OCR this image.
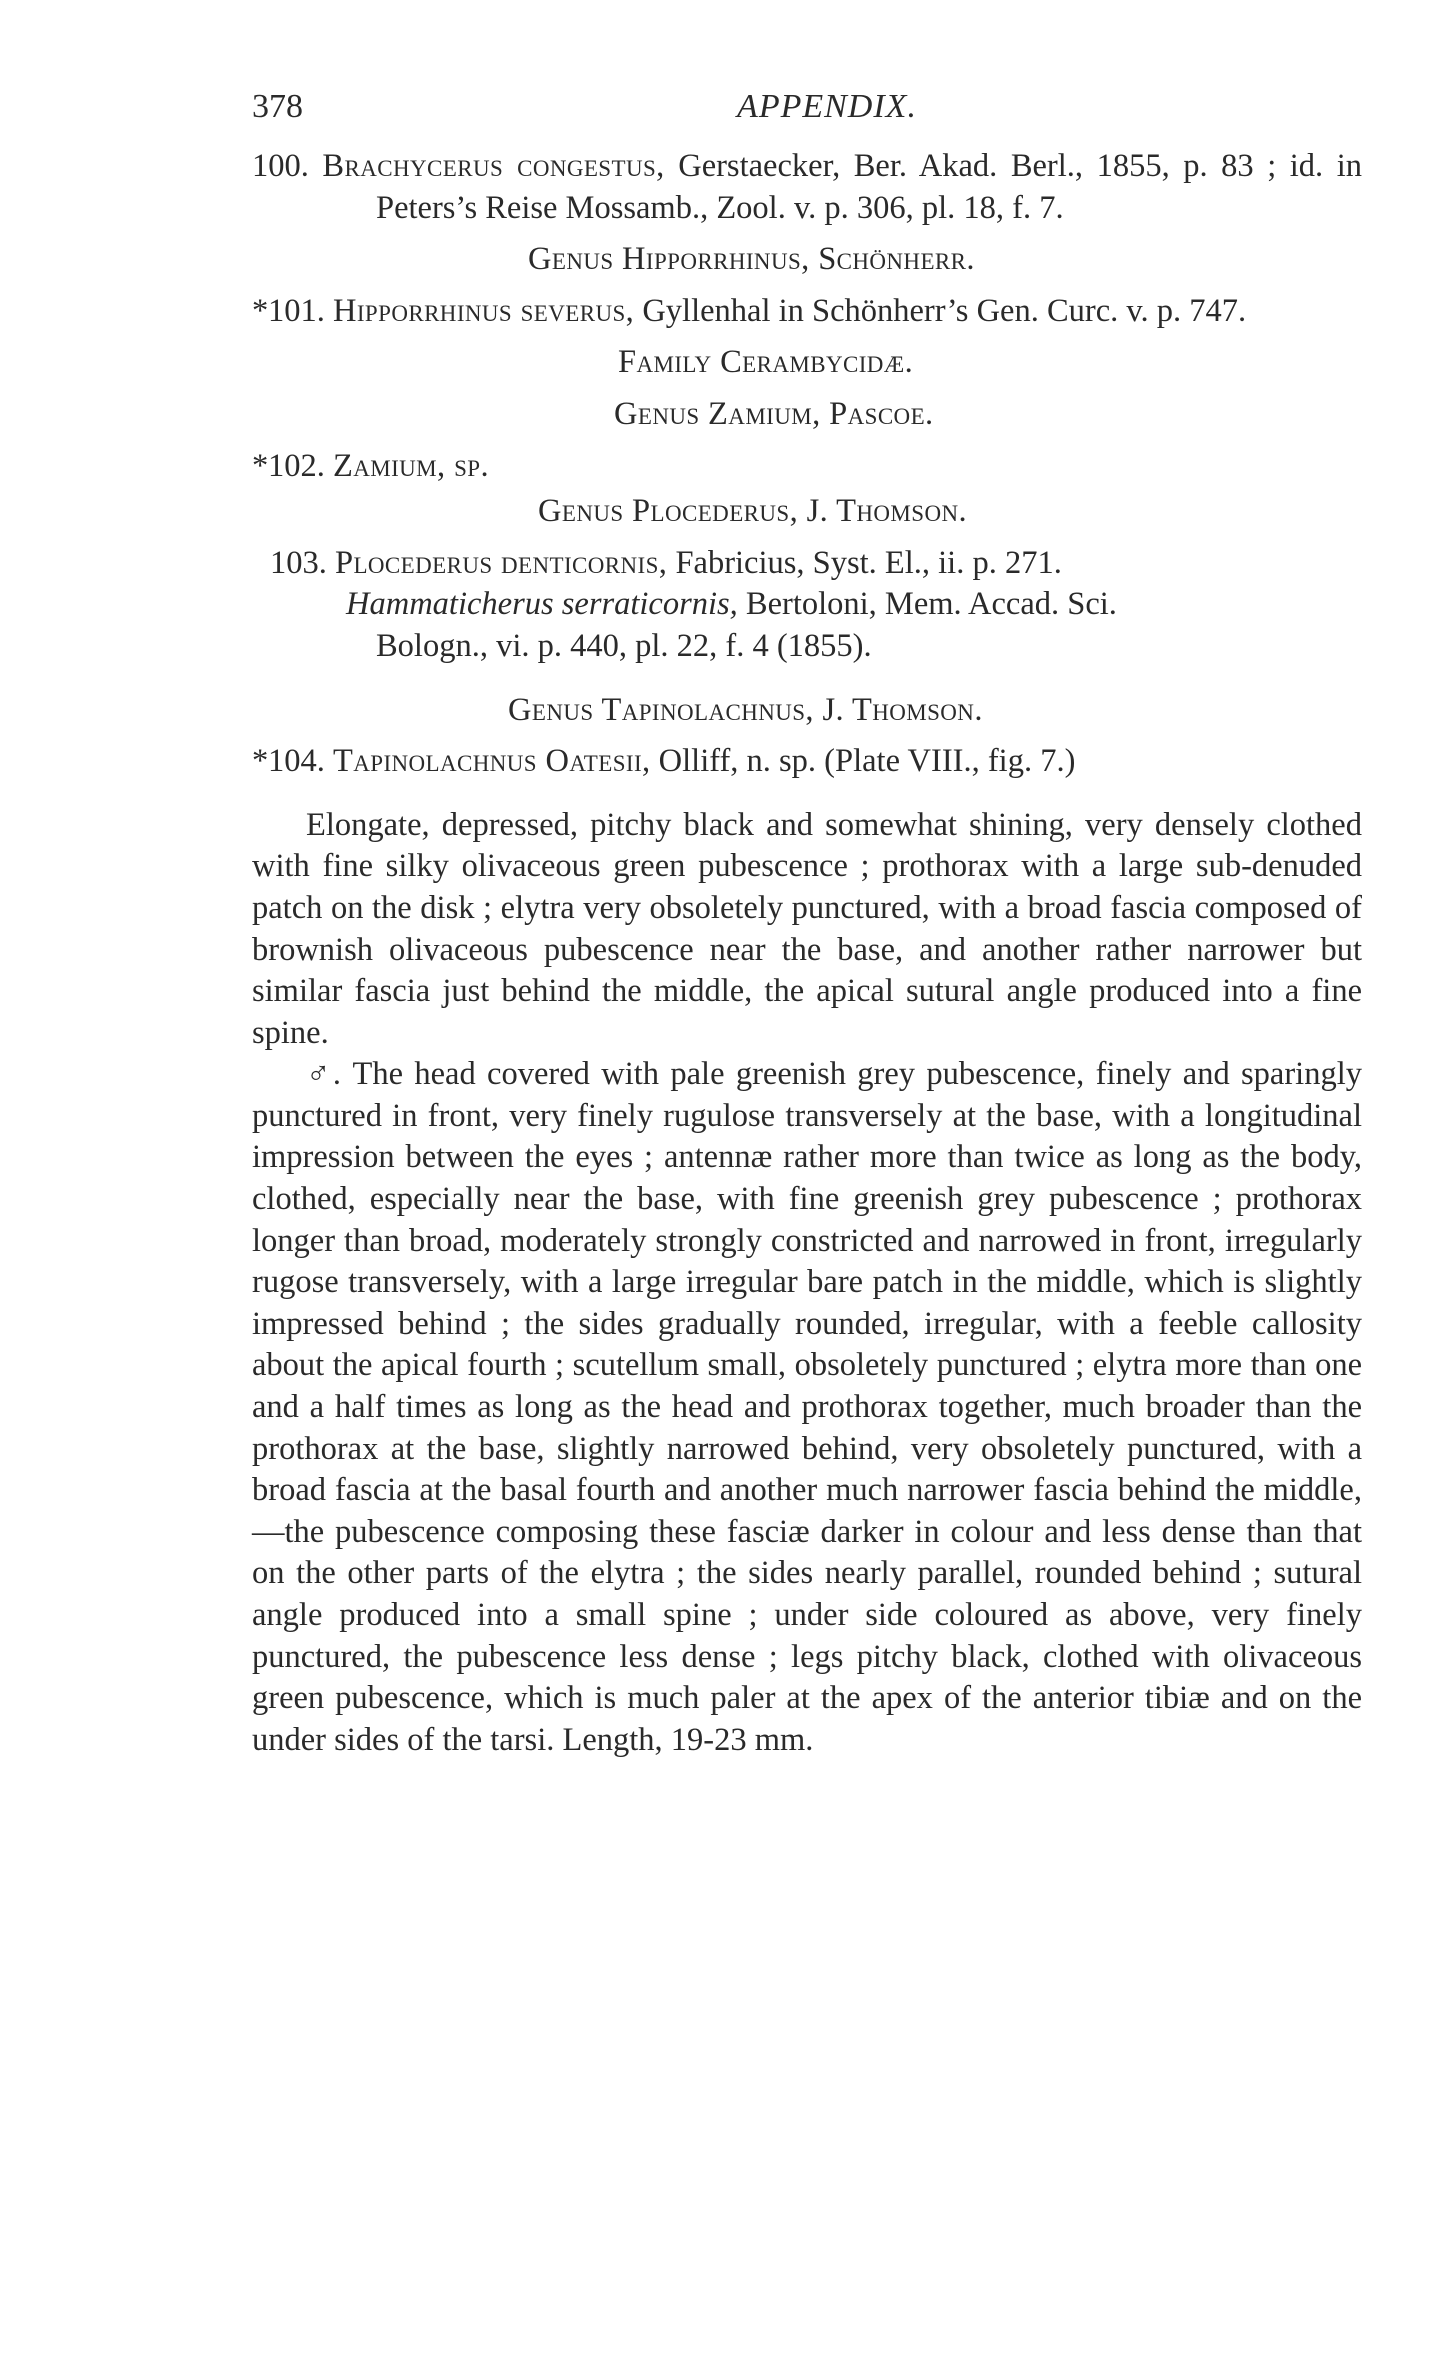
378	APPENDIX.

100. Brachycerus congestus, Gerstaecker, Ber. Akad. Berl., 1855, p. 83 ; id. in Peters’s Reise Mossamb., Zool. v. p. 306, pl. 18, f. 7.

Genus Hipporrhinus, Schönherr.

*101. Hipporrhinus severus, Gyllenhal in Schönherr’s Gen. Curc. v. p. 747.

Family Cerambycidæ.

Genus Zamium, Pascoe.

*102. Zamium, sp.

Genus Plocederus, J. Thomson.

103. Plocederus denticornis, Fabricius, Syst. El., ii. p. 271.
Hammaticherus serraticornis, Bertoloni, Mem. Accad. Sci.
Bologn., vi. p. 440, pl. 22, f. 4 (1855).

Genus Tapinolachnus, J. Thomson.

*104. Tapinolachnus Oatesii, Olliff, n. sp. (Plate VIII., fig. 7.)

Elongate, depressed, pitchy black and somewhat shining, very densely clothed with fine silky olivaceous green pubescence ; prothorax with a large sub-denuded patch on the disk ; elytra very obsoletely punctured, with a broad fascia composed of brownish olivaceous pubescence near the base, and another rather narrower but similar fascia just behind the middle, the apical sutural angle produced into a fine spine.

♂. The head covered with pale greenish grey pubescence, finely and sparingly punctured in front, very finely rugulose transversely at the base, with a longitudinal impression between the eyes ; antennæ rather more than twice as long as the body, clothed, especially near the base, with fine greenish grey pubescence ; prothorax longer than broad, moderately strongly constricted and narrowed in front, irregularly rugose transversely, with a large irregular bare patch in the middle, which is slightly impressed behind ; the sides gradually rounded, irregular, with a feeble callosity about the apical fourth ; scutellum small, obsoletely punctured ; elytra more than one and a half times as long as the head and prothorax together, much broader than the prothorax at the base, slightly narrowed behind, very obsoletely punctured, with a broad fascia at the basal fourth and another much narrower fascia behind the middle,—the pubescence composing these fasciæ darker in colour and less dense than that on the other parts of the elytra ; the sides nearly parallel, rounded behind ; sutural angle produced into a small spine ; under side coloured as above, very finely punctured, the pubescence less dense ; legs pitchy black, clothed with olivaceous green pubescence, which is much paler at the apex of the anterior tibiæ and on the under sides of the tarsi. Length, 19-23 mm.
